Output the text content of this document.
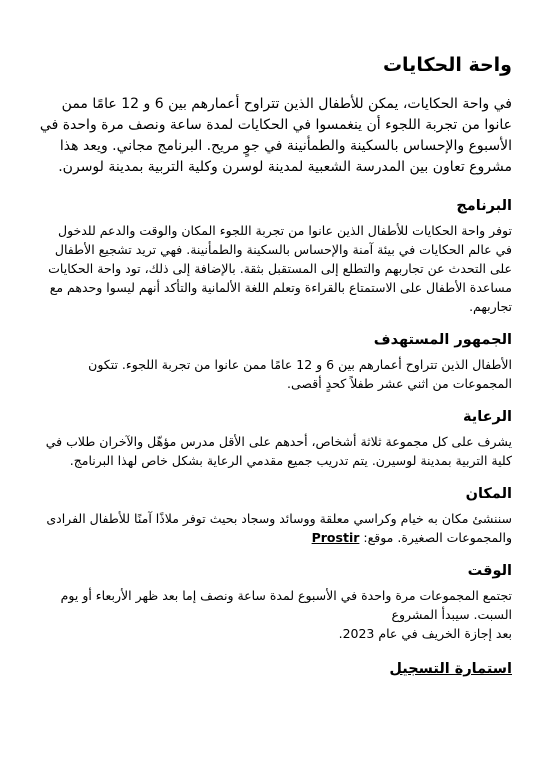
واحة الحكايات

في واحة الحكايات، يمكن للأطفال الذين تتراوح أعمارهم بين 6 و 12 عامًا ممن عانوا من تجربة اللجوء أن ينغمسوا في الحكايات لمدة ساعة ونصف مرة واحدة في الأسبوع والإحساس بالسكينة والطمأنينة في جوٍ مريح. البرنامج مجاني. ويعد هذا مشروع تعاون بين المدرسة الشعبية لمدينة لوسرن وكلية التربية بمدينة لوسرن.

البرنامج

توفر واحة الحكايات للأطفال الذين عانوا من تجربة اللجوء المكان والوقت والدعم للدخول في عالم الحكايات في بيئة آمنة والإحساس بالسكينة والطمأنينة. فهي تريد تشجيع الأطفال على التحدث عن تجاربهم والتطلع إلى المستقبل بثقة. بالإضافة إلى ذلك، تود واحة الحكايات مساعدة الأطفال على الاستمتاع بالقراءة وتعلم اللغة الألمانية والتأكد أنهم ليسوا وحدهم مع تجاربهم.

الجمهور المستهدف

الأطفال الذين تتراوح أعمارهم بين 6 و 12 عامًا ممن عانوا من تجربة اللجوء. تتكون المجموعات من اثني عشر طفلاً كحدٍ أقصى.

الرعاية

يشرف على كل مجموعة ثلاثة أشخاص، أحدهم على الأقل مدرس مؤهّل والآخران طلاب في كلية التربية بمدينة لوسيرن. يتم تدريب جميع مقدمي الرعاية بشكل خاص لهذا البرنامج.

المكان

سننشئ مكان به خيام وكراسي معلقة ووسائد وسجاد بحيث توفر ملاذًا آمنًا للأطفال الفرادى والمجموعات الصغيرة. موقع: Prostir

الوقت

تجتمع المجموعات مرة واحدة في الأسبوع لمدة ساعة ونصف إما بعد ظهر الأربعاء أو يوم السبت. سيبدأ المشروع
بعد إجازة الخريف في عام 2023.

استمارة التسجيل
